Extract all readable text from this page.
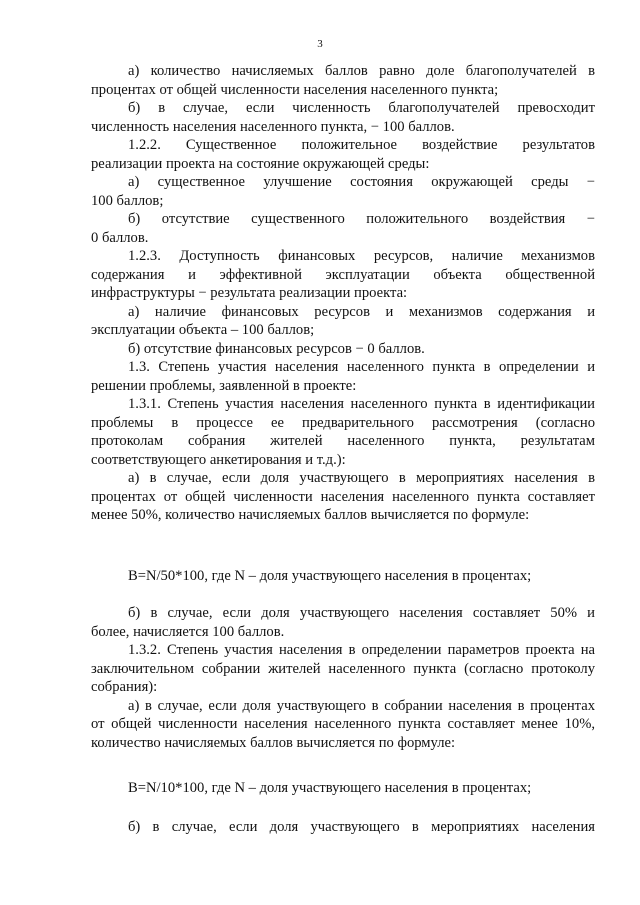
3
а) количество начисляемых баллов равно доле благополучателей в
процентах от общей численности населения населенного пункта;
б) в случае, если численность благополучателей превосходит
численность населения населенного пункта, − 100 баллов.
1.2.2. Существенное положительное воздействие результатов
реализации проекта на состояние окружающей среды:
а) существенное улучшение состояния окружающей среды −
100 баллов;
б) отсутствие существенного положительного воздействия −
0 баллов.
1.2.3. Доступность финансовых ресурсов, наличие механизмов
содержания и эффективной эксплуатации объекта общественной
инфраструктуры − результата реализации проекта:
а) наличие финансовых ресурсов и механизмов содержания и
эксплуатации объекта – 100 баллов;
б) отсутствие финансовых ресурсов − 0 баллов.
1.3. Степень участия населения населенного пункта в определении и
решении проблемы, заявленной в проекте:
1.3.1. Степень участия населения населенного пункта в идентификации
проблемы в процессе ее предварительного рассмотрения (согласно
протоколам собрания жителей населенного пункта, результатам
соответствующего анкетирования и т.д.):
а) в случае, если доля участвующего в мероприятиях населения в
процентах от общей численности населения населенного пункта составляет
менее 50%, количество начисляемых баллов вычисляется по формуле:
В=N/50*100, где N – доля участвующего населения в процентах;
б) в случае, если доля участвующего населения составляет 50% и
более, начисляется 100 баллов.
1.3.2. Степень участия населения в определении параметров проекта на
заключительном собрании жителей населенного пункта (согласно протоколу
собрания):
а) в случае, если доля участвующего в собрании населения в процентах
от общей численности населения населенного пункта составляет менее 10%,
количество начисляемых баллов вычисляется по формуле:
В=N/10*100, где N – доля участвующего населения в процентах;
б) в случае, если доля участвующего в мероприятиях населения
